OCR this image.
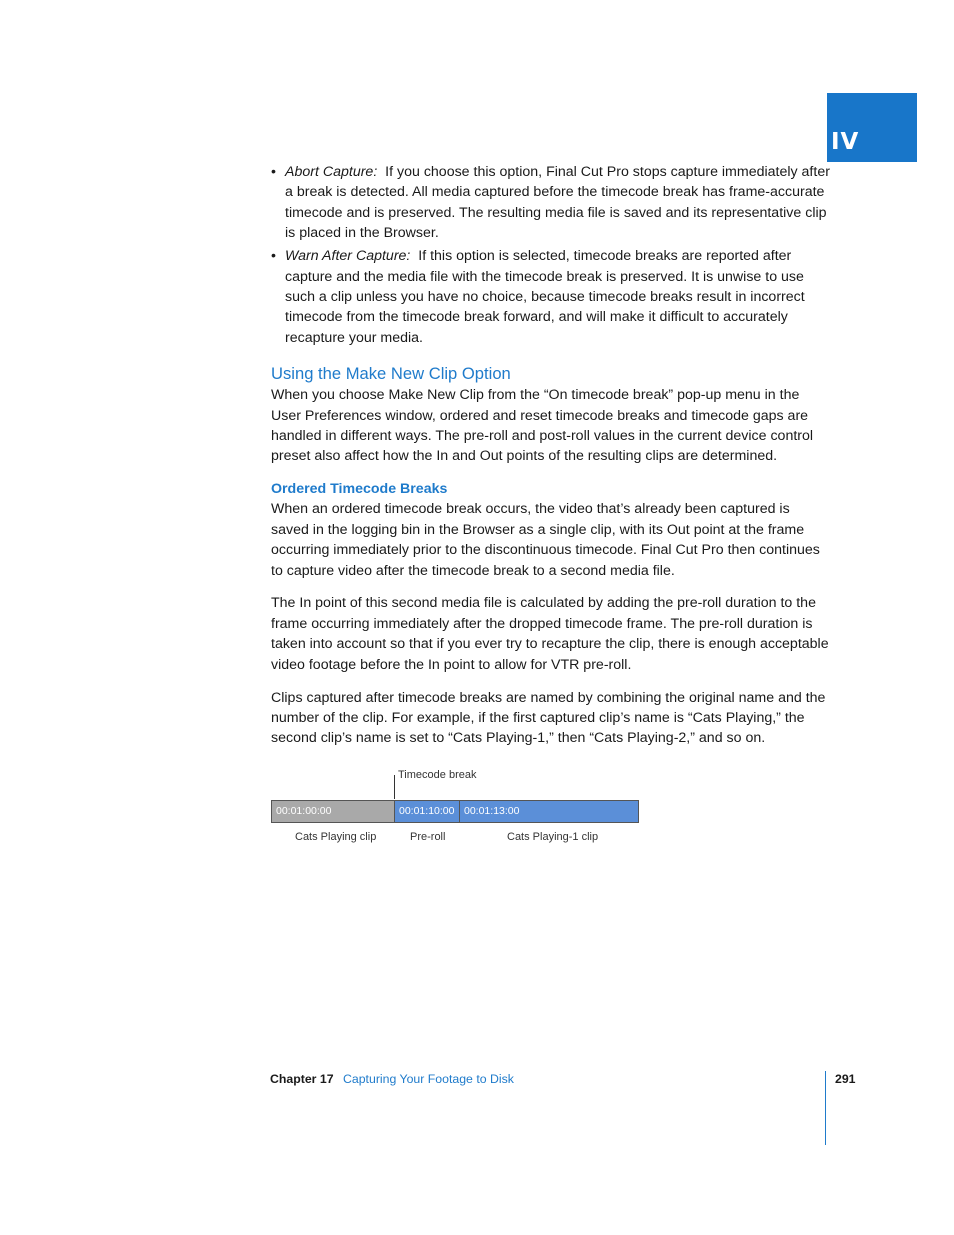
IV
• Abort Capture: If you choose this option, Final Cut Pro stops capture immediately after a break is detected. All media captured before the timecode break has frame-accurate timecode and is preserved. The resulting media file is saved and its representative clip is placed in the Browser.
• Warn After Capture: If this option is selected, timecode breaks are reported after capture and the media file with the timecode break is preserved. It is unwise to use such a clip unless you have no choice, because timecode breaks result in incorrect timecode from the timecode break forward, and will make it difficult to accurately recapture your media.
Using the Make New Clip Option

When you choose Make New Clip from the “On timecode break” pop-up menu in the User Preferences window, ordered and reset timecode breaks and timecode gaps are handled in different ways. The pre-roll and post-roll values in the current device control preset also affect how the In and Out points of the resulting clips are determined.

Ordered Timecode Breaks

When an ordered timecode break occurs, the video that’s already been captured is saved in the logging bin in the Browser as a single clip, with its Out point at the frame occurring immediately prior to the discontinuous timecode. Final Cut Pro then continues to capture video after the timecode break to a second media file.

The In point of this second media file is calculated by adding the pre-roll duration to the frame occurring immediately after the dropped timecode frame. The pre-roll duration is taken into account so that if you ever try to recapture the clip, there is enough acceptable video footage before the In point to allow for VTR pre-roll.

Clips captured after timecode breaks are named by combining the original name and the number of the clip. For example, if the first captured clip’s name is “Cats Playing,” the second clip’s name is set to “Cats Playing-1,” then “Cats Playing-2,” and so on.

Timecode break
00:01:00:00	00:01:10:00 00:01:13:00
Cats Playing clip	Pre-roll	Cats Playing-1 clip
Chapter 17 Capturing Your Footage to Disk	291
